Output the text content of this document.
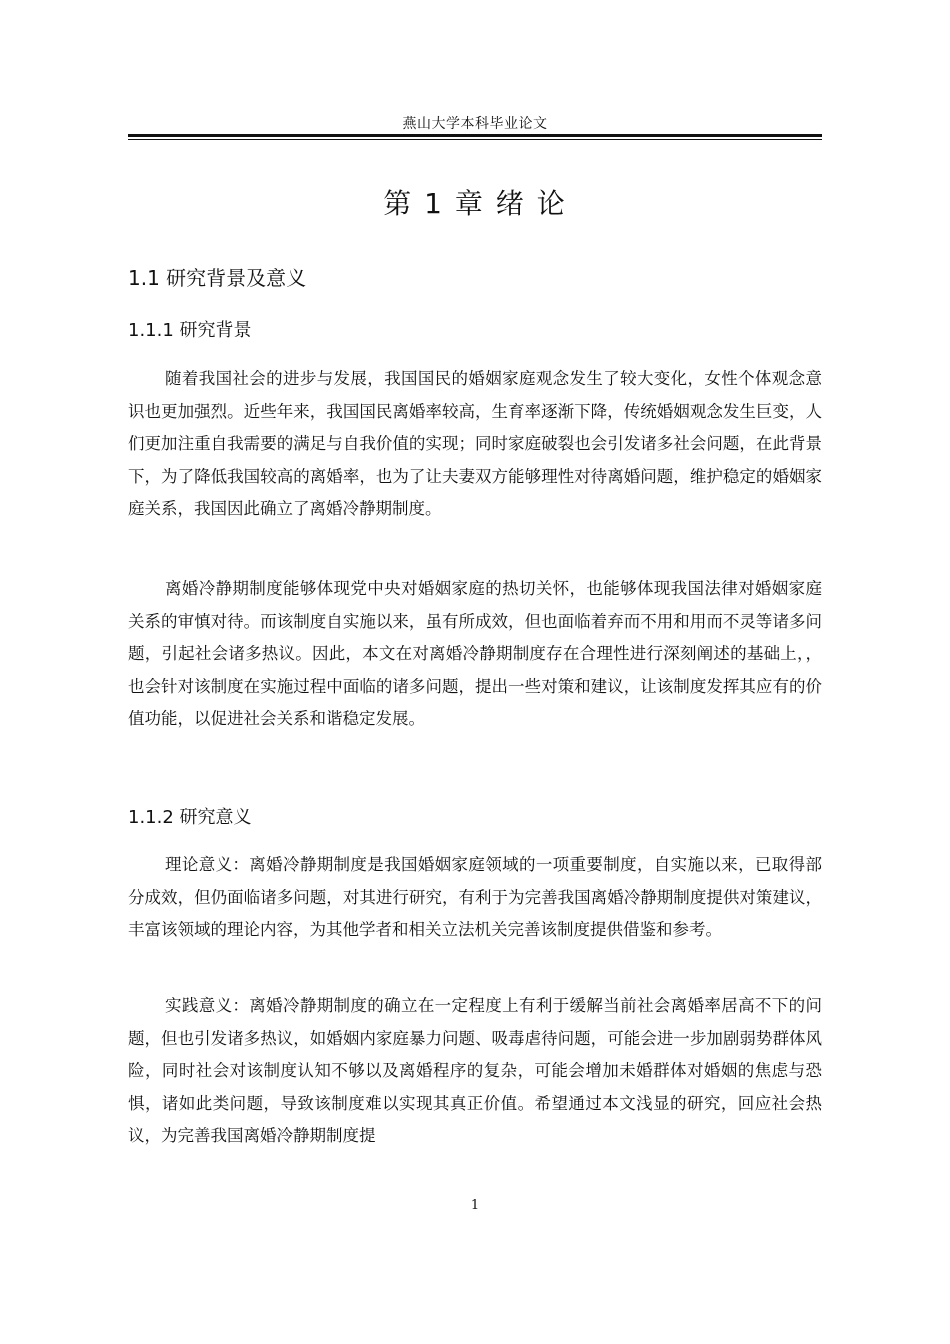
燕山大学本科毕业论文
第 1 章 绪 论
1.1 研究背景及意义
1.1.1 研究背景

随着我国社会的进步与发展，我国国民的婚姻家庭观念发生了较大变化，女性个体观念意识也更加强烈。近些年来，我国国民离婚率较高，生育率逐渐下降，传统婚姻观念发生巨变，人们更加注重自我需要的满足与自我价值的实现；同时家庭破裂也会引发诸多社会问题，在此背景下，为了降低我国较高的离婚率，也为了让夫妻双方能够理性对待离婚问题，维护稳定的婚姻家庭关系，我国因此确立了离婚冷静期制度。

离婚冷静期制度能够体现党中央对婚姻家庭的热切关怀，也能够体现我国法律对婚姻家庭关系的审慎对待。而该制度自实施以来，虽有所成效，但也面临着弃而不用和用而不灵等诸多问题，引起社会诸多热议。因此，本文在对离婚冷静期制度存在合理性进行深刻阐述的基础上，，也会针对该制度在实施过程中面临的诸多问题，提出一些对策和建议，让该制度发挥其应有的价值功能，以促进社会关系和谐稳定发展。

1.1.2 研究意义

理论意义：离婚冷静期制度是我国婚姻家庭领域的一项重要制度，自实施以来，已取得部分成效，但仍面临诸多问题，对其进行研究，有利于为完善我国离婚冷静期制度提供对策建议，丰富该领域的理论内容，为其他学者和相关立法机关完善该制度提供借鉴和参考。

实践意义：离婚冷静期制度的确立在一定程度上有利于缓解当前社会离婚率居高不下的问题，但也引发诸多热议，如婚姻内家庭暴力问题、吸毒虐待问题，可能会进一步加剧弱势群体风险，同时社会对该制度认知不够以及离婚程序的复杂，可能会增加未婚群体对婚姻的焦虑与恐惧，诸如此类问题，导致该制度难以实现其真正价值。希望通过本文浅显的研究，回应社会热议，为完善我国离婚冷静期制度提

1
